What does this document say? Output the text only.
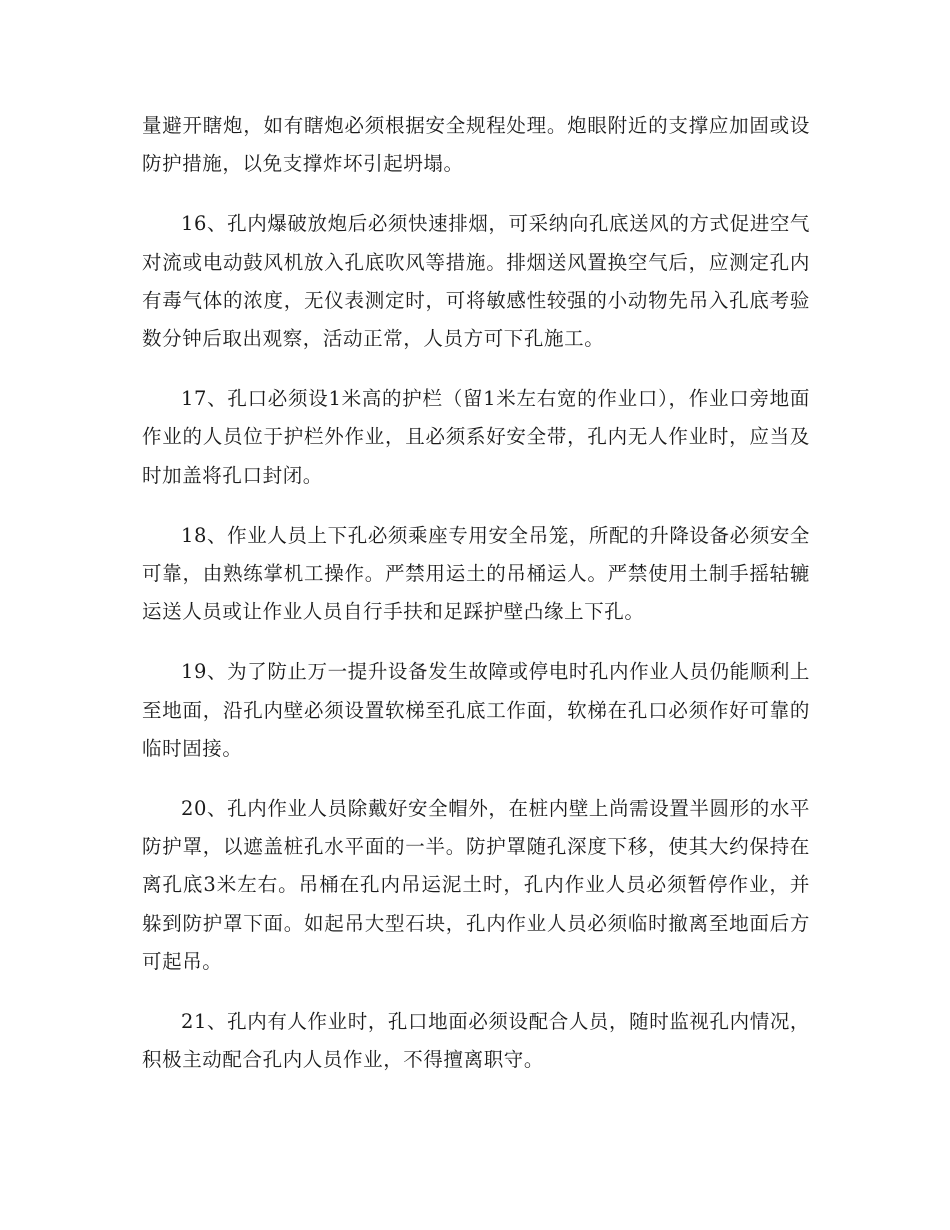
量避开瞎炮，如有瞎炮必须根据安全规程处理。炮眼附近的支撑应加固或设防护措施，以免支撑炸坏引起坍塌。

16、孔内爆破放炮后必须快速排烟，可采纳向孔底送风的方式促进空气对流或电动鼓风机放入孔底吹风等措施。排烟送风置换空气后，应测定孔内有毒气体的浓度，无仪表测定时，可将敏感性较强的小动物先吊入孔底考验数分钟后取出观察，活动正常，人员方可下孔施工。

17、孔口必须设1米高的护栏（留1米左右宽的作业口），作业口旁地面作业的人员位于护栏外作业，且必须系好安全带，孔内无人作业时，应当及时加盖将孔口封闭。

18、作业人员上下孔必须乘座专用安全吊笼，所配的升降设备必须安全可靠，由熟练掌机工操作。严禁用运土的吊桶运人。严禁使用土制手摇轱辘运送人员或让作业人员自行手扶和足踩护壁凸缘上下孔。

19、为了防止万一提升设备发生故障或停电时孔内作业人员仍能顺利上至地面，沿孔内壁必须设置软梯至孔底工作面，软梯在孔口必须作好可靠的临时固接。

20、孔内作业人员除戴好安全帽外，在桩内壁上尚需设置半圆形的水平防护罩，以遮盖桩孔水平面的一半。防护罩随孔深度下移，使其大约保持在离孔底3米左右。吊桶在孔内吊运泥土时，孔内作业人员必须暂停作业，并躲到防护罩下面。如起吊大型石块，孔内作业人员必须临时撤离至地面后方可起吊。

21、孔内有人作业时，孔口地面必须设配合人员，随时监视孔内情况，积极主动配合孔内人员作业，不得擅离职守。
